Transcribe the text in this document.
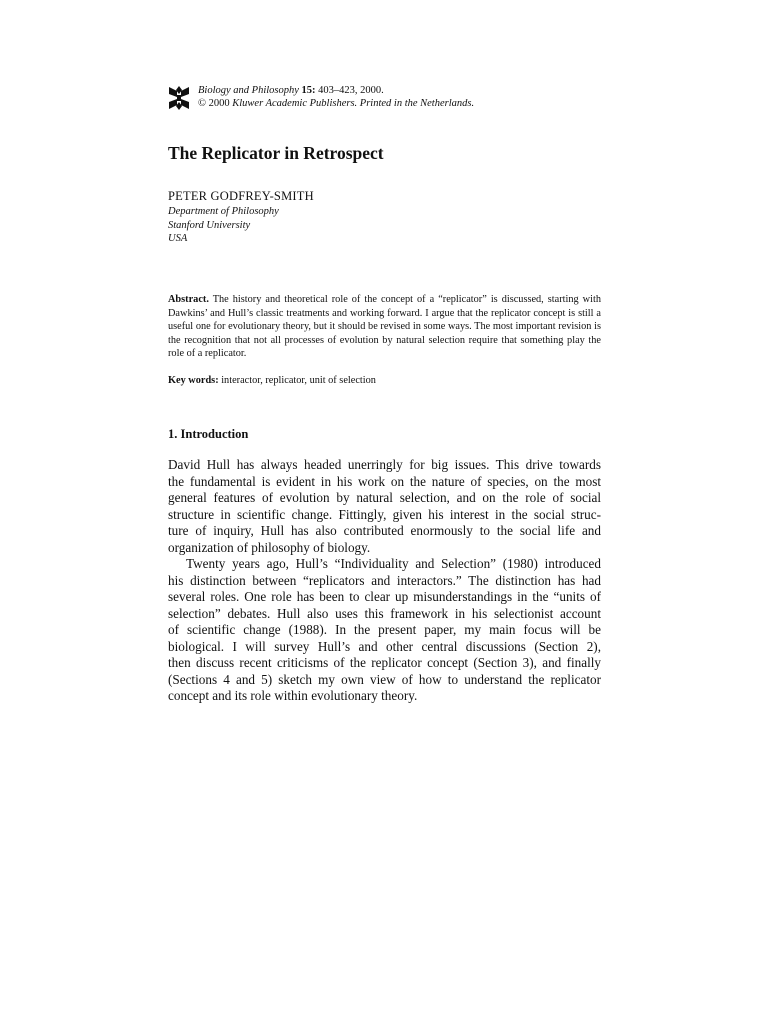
Biology and Philosophy 15: 403–423, 2000.
© 2000 Kluwer Academic Publishers. Printed in the Netherlands.
The Replicator in Retrospect
PETER GODFREY-SMITH
Department of Philosophy
Stanford University
USA

Abstract. The history and theoretical role of the concept of a “replicator” is discussed, starting with Dawkins’ and Hull’s classic treatments and working forward. I argue that the replicator concept is still a useful one for evolutionary theory, but it should be revised in some ways. The most important revision is the recognition that not all processes of evolution by natural selection require that something play the role of a replicator.

Key words: interactor, replicator, unit of selection

1. Introduction
David Hull has always headed unerringly for big issues. This drive towards
the fundamental is evident in his work on the nature of species, on the most
general features of evolution by natural selection, and on the role of social
structure in scientific change. Fittingly, given his interest in the social struc-
ture of inquiry, Hull has also contributed enormously to the social life and
organization of philosophy of biology.
Twenty years ago, Hull’s “Individuality and Selection” (1980) introduced
his distinction between “replicators and interactors.” The distinction has had
several roles. One role has been to clear up misunderstandings in the “units of
selection” debates. Hull also uses this framework in his selectionist account
of scientific change (1988). In the present paper, my main focus will be
biological. I will survey Hull’s and other central discussions (Section 2),
then discuss recent criticisms of the replicator concept (Section 3), and finally
(Sections 4 and 5) sketch my own view of how to understand the replicator
concept and its role within evolutionary theory.
